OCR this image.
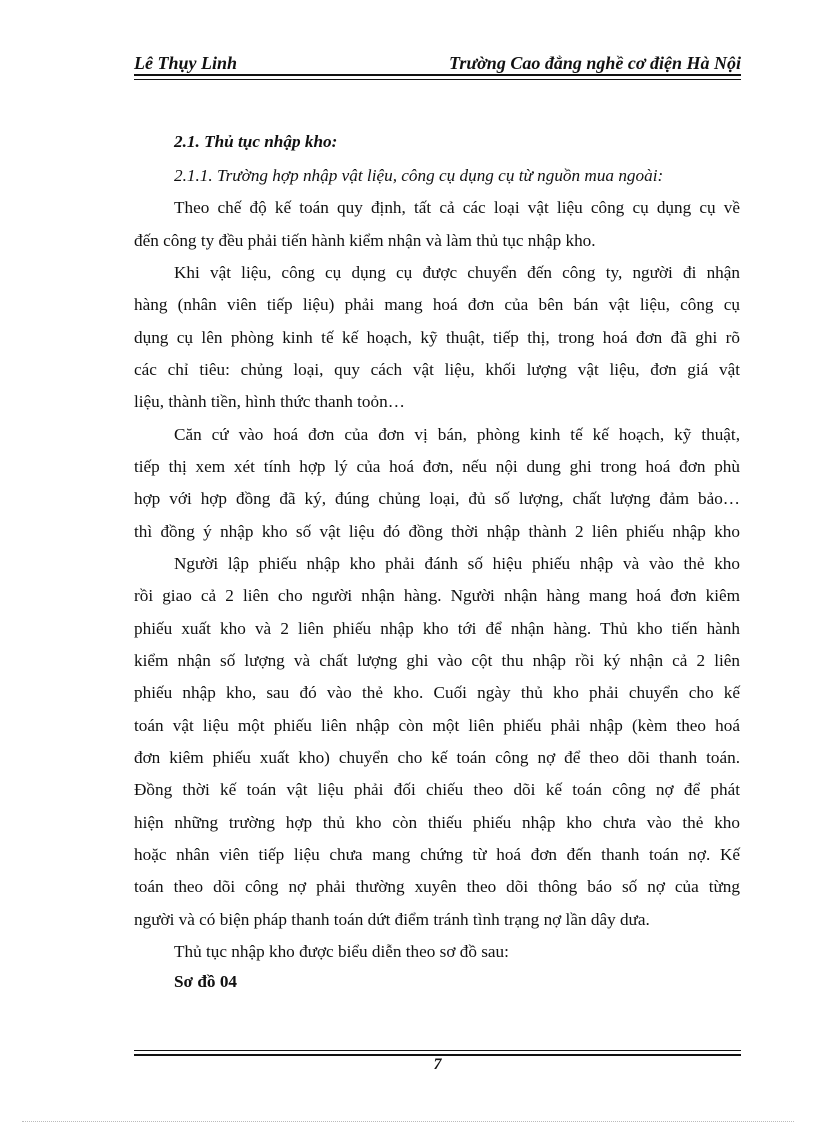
Lê Thụy Linh	Trường Cao đẳng nghề cơ điện Hà Nội
2.1. Thủ tục nhập kho:
2.1.1. Trường hợp nhập vật liệu, công cụ dụng cụ từ nguồn mua ngoài:
Theo chế độ kế toán quy định, tất cả các loại vật liệu công cụ dụng cụ về
đến công ty đều phải tiến hành kiểm nhận và làm thủ tục nhập kho.
Khi vật liệu, công cụ dụng cụ được chuyển đến công ty, người đi nhận
hàng (nhân viên tiếp liệu) phải mang hoá đơn của bên bán vật liệu, công cụ
dụng cụ lên phòng kinh tế kế hoạch, kỹ thuật, tiếp thị, trong hoá đơn đã ghi rõ
các chỉ tiêu: chủng loại, quy cách vật liệu, khối lượng vật liệu, đơn giá vật
liệu, thành tiền, hình thức thanh toỏn…
Căn cứ vào hoá đơn của đơn vị bán, phòng kinh tế kế hoạch, kỹ thuật,
tiếp thị xem xét tính hợp lý của hoá đơn, nếu nội dung ghi trong hoá đơn phù
hợp với hợp đồng đã ký, đúng chủng loại, đủ số lượng, chất lượng đảm bảo…
thì đồng ý nhập kho số vật liệu đó đồng thời nhập thành 2 liên phiếu nhập kho
Người lập phiếu nhập kho phải đánh số hiệu phiếu nhập và vào thẻ kho
rồi giao cả 2 liên cho người nhận hàng. Người nhận hàng mang hoá đơn kiêm
phiếu xuất kho và 2 liên phiếu nhập kho tới để nhận hàng. Thủ kho tiến hành
kiểm nhận số lượng và chất lượng ghi vào cột thu nhập rồi ký nhận cả 2 liên
phiếu nhập kho, sau đó vào thẻ kho. Cuối ngày thủ kho phải chuyển cho kế
toán vật liệu một phiếu liên nhập còn một liên phiếu phải nhập (kèm theo hoá
đơn kiêm phiếu xuất kho) chuyển cho kế toán công nợ để theo dõi thanh toán.
Đồng thời kế toán vật liệu phải đối chiếu theo dõi kế toán công nợ để phát
hiện những trường hợp thủ kho còn thiếu phiếu nhập kho chưa vào thẻ kho
hoặc nhân viên tiếp liệu chưa mang chứng từ hoá đơn đến thanh toán nợ. Kế
toán theo dõi công nợ phải thường xuyên theo dõi thông báo số nợ của từng
người và có biện pháp thanh toán dứt điểm tránh tình trạng nợ lần dây dưa.
Thủ tục nhập kho được biểu diễn theo sơ đồ sau:
Sơ đồ 04
7
